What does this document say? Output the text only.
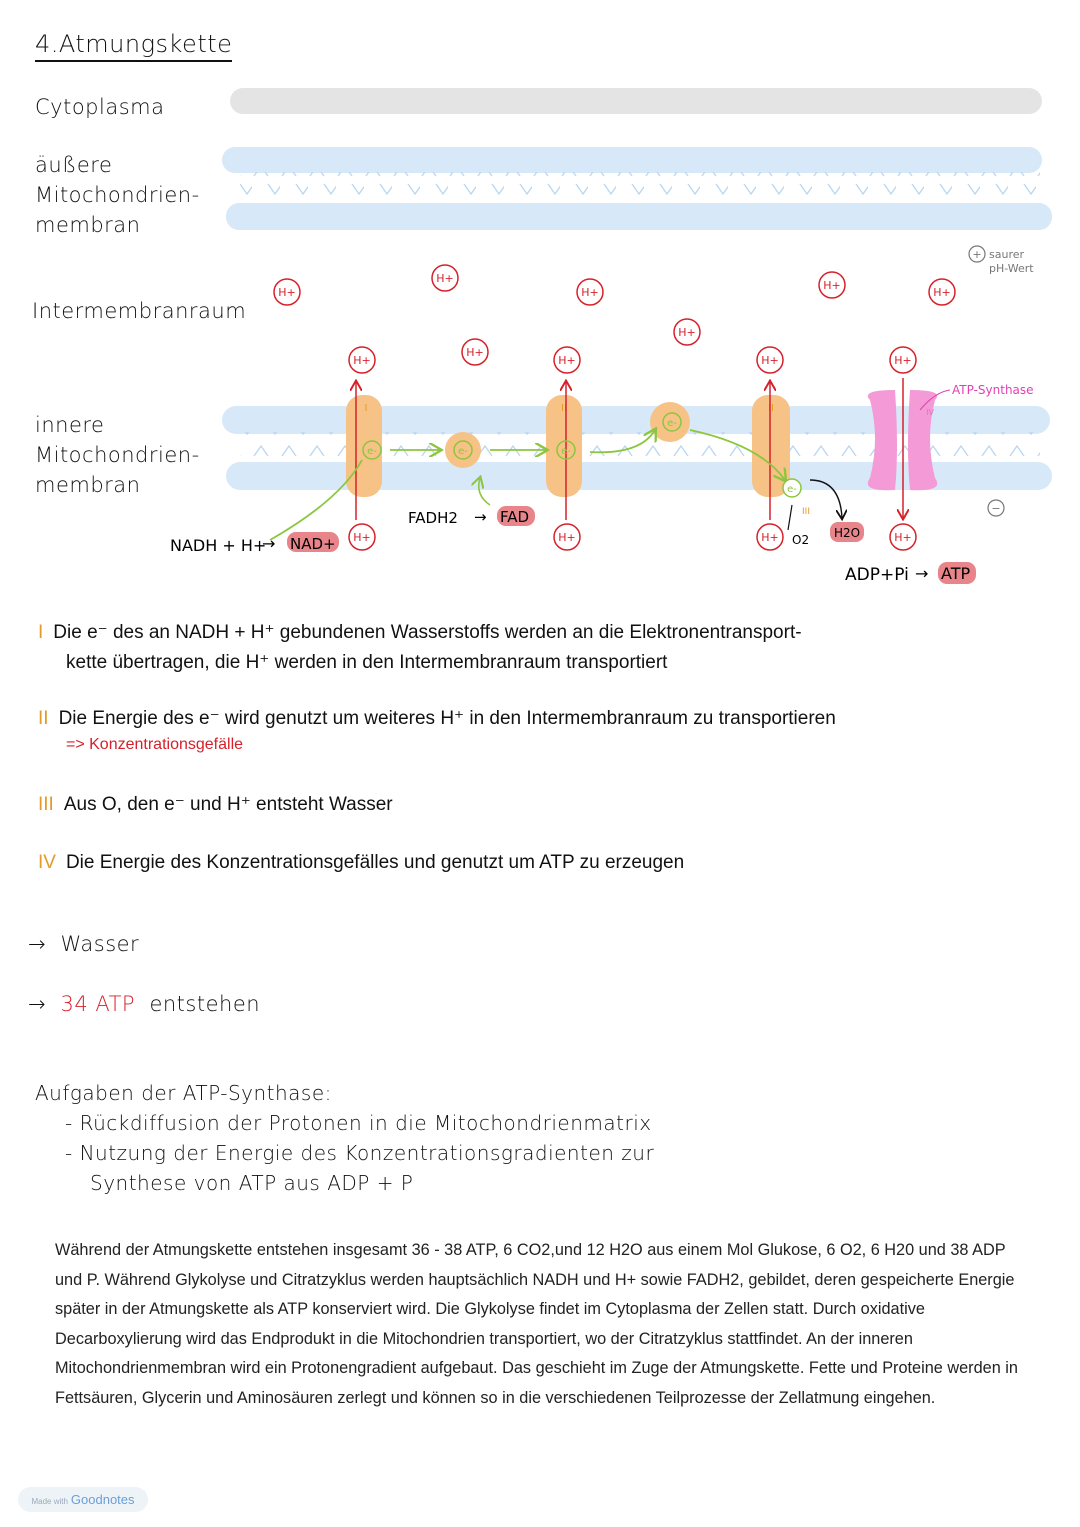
4.Atmungskette
Cytoplasma
äußere
Mitochondrien-
membran
Intermembranraum
innere
Mitochondrien-
membran
I	II	II
III
IV
e-	e-	e-
e-
e-
H+
H+
H+
H+
H+
H+
H+
H+
H+	H+	H+
H+	H+	H+	H+
NADH + H+
→ NAD+
FADH2 → FAD
O2 H2O
ADP+Pi → ATP
ATP-Synthase
+ saurer
pH-Wert
−
I Die e⁻ des an NADH + H⁺ gebundenen Wasserstoffs werden an die Elektronentransport-
kette übertragen, die H⁺ werden in den Intermembranraum transportiert
II Die Energie des e⁻ wird genutzt um weiteres H⁺ in den Intermembranraum zu transportieren
=> Konzentrationsgefälle
III Aus O, den e⁻ und H⁺ entsteht Wasser
IV Die Energie des Konzentrationsgefälles und genutzt um ATP zu erzeugen
→ Wasser
→ 34 ATP entstehen
Aufgaben der ATP-Synthase:
- Rückdiffusion der Protonen in die Mitochondrienmatrix
- Nutzung der Energie des Konzentrationsgradienten zur
Synthese von ATP aus ADP + P
Während der Atmungskette entstehen insgesamt 36 - 38 ATP, 6 CO2,und 12 H2O aus einem Mol Glukose, 6 O2, 6 H20 und 38 ADP und P. Während Glykolyse und Citratzyklus werden hauptsächlich NADH und H+ sowie FADH2, gebildet, deren gespeicherte Energie später in der Atmungskette als ATP konserviert wird. Die Glykolyse findet im Cytoplasma der Zellen statt. Durch oxidative Decarboxylierung wird das Endprodukt in die Mitochondrien transportiert, wo der Citratzyklus stattfindet. An der inneren Mitochondrienmembran wird ein Protonengradient aufgebaut. Das geschieht im Zuge der Atmungskette. Fette und Proteine werden in Fettsäuren, Glycerin und Aminosäuren zerlegt und können so in die verschiedenen Teilprozesse der Zellatmung eingehen.
Made with Goodnotes
